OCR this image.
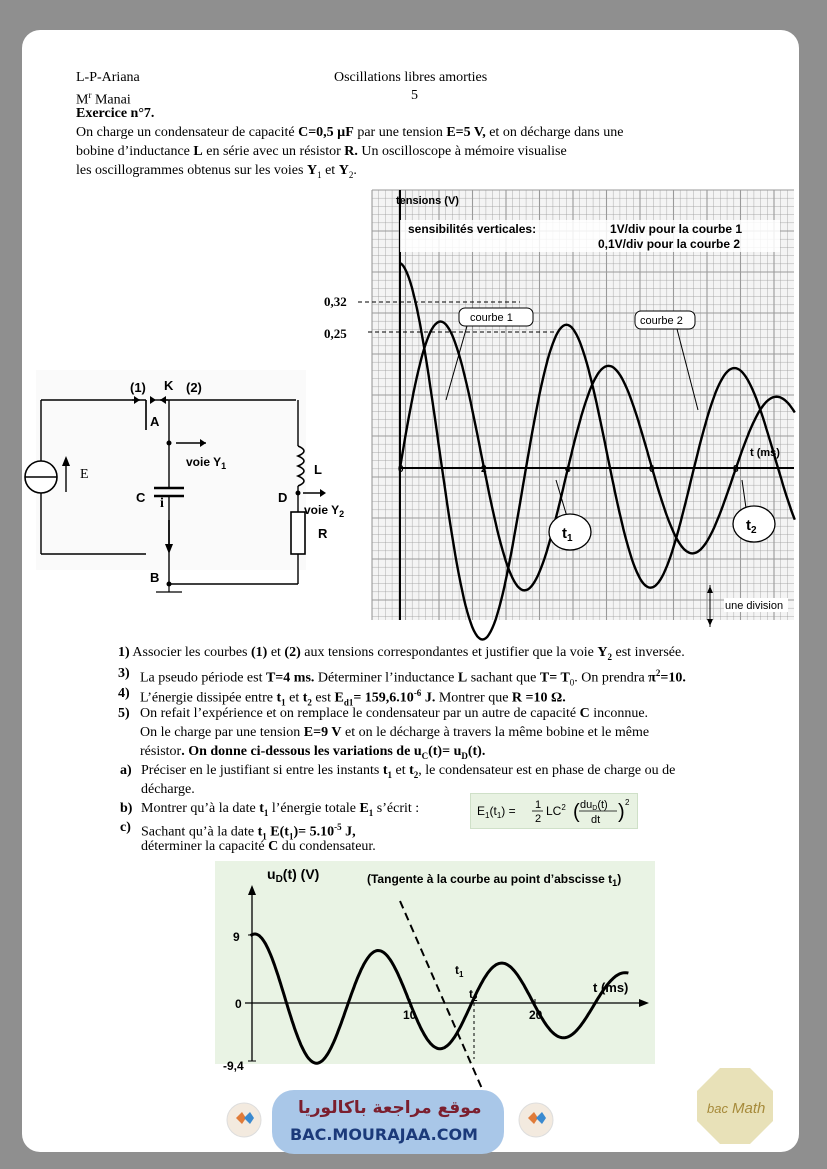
L-P-Ariana	Oscillations libres amorties
$M^r$ Manai	5
Exercice n°7.
On charge un condensateur de capacité C=0,5 µF par une tension E=5 V, et on décharge dans une
bobine d’inductance L en série avec un résistor R. Un oscilloscope à mémoire visualise
les oscillogrammes obtenus sur les voies $Y_1$ et $Y_2$.
(1) K (2)
A
voie $Y_1$	L
C	D
voie $Y_2$
R
B
E
i
tensions (V)
sensibilités verticales:	1V/div pour la courbe 1
0,1V/div pour la courbe 2
courbe 1	courbe 2
t (ms)
0	2	4	6	8
une division
$t_1$
$t_2$
0,32
0,25
1) Associer les courbes (1) et (2) aux tensions correspondantes et justifier que la voie $Y_2$ est inversée.
3) La pseudo période est T=4 ms. Déterminer l’inductance L sachant que $T= T_0$. On prendra $\pi^2=10$.
4) L’énergie dissipée entre $t_1$ et $t_2$ est $E_{d1}= 159,6.10^{-6}$ J. Montrer que R =10 Ω.
5) On refait l’expérience et on remplace le condensateur par un autre de capacité C inconnue.
On le charge par une tension E=9 V et on le décharge à travers la même bobine et le même
résistor. On donne ci-dessous les variations de $u_C(t)= u_D(t)$.
a) Préciser en le justifiant si entre les instants $t_1$ et $t_2$, le condensateur est en phase de charge ou de
décharge.
b) Montrer qu’à la date $t_1$ l’énergie totale $E_1$ s’écrit :
c) Sachant qu’à la date $t_1$ $E(t_1)= 5.10^{-5}$ J,
déterminer la capacité C du condensateur.
$E_1(t_1) = 1$
2
$LC^2$ ( duD(t)
dt ) 2
$u_D(t)$ (V)	(Tangente à la courbe au point d’abscisse $t_1$)
t (ms)
9
0
-9,4
10	20
$t_1$
$t_2$
موقع مراجعة باكالوريا
BAC.MOURAJAA.COM
bac Math
